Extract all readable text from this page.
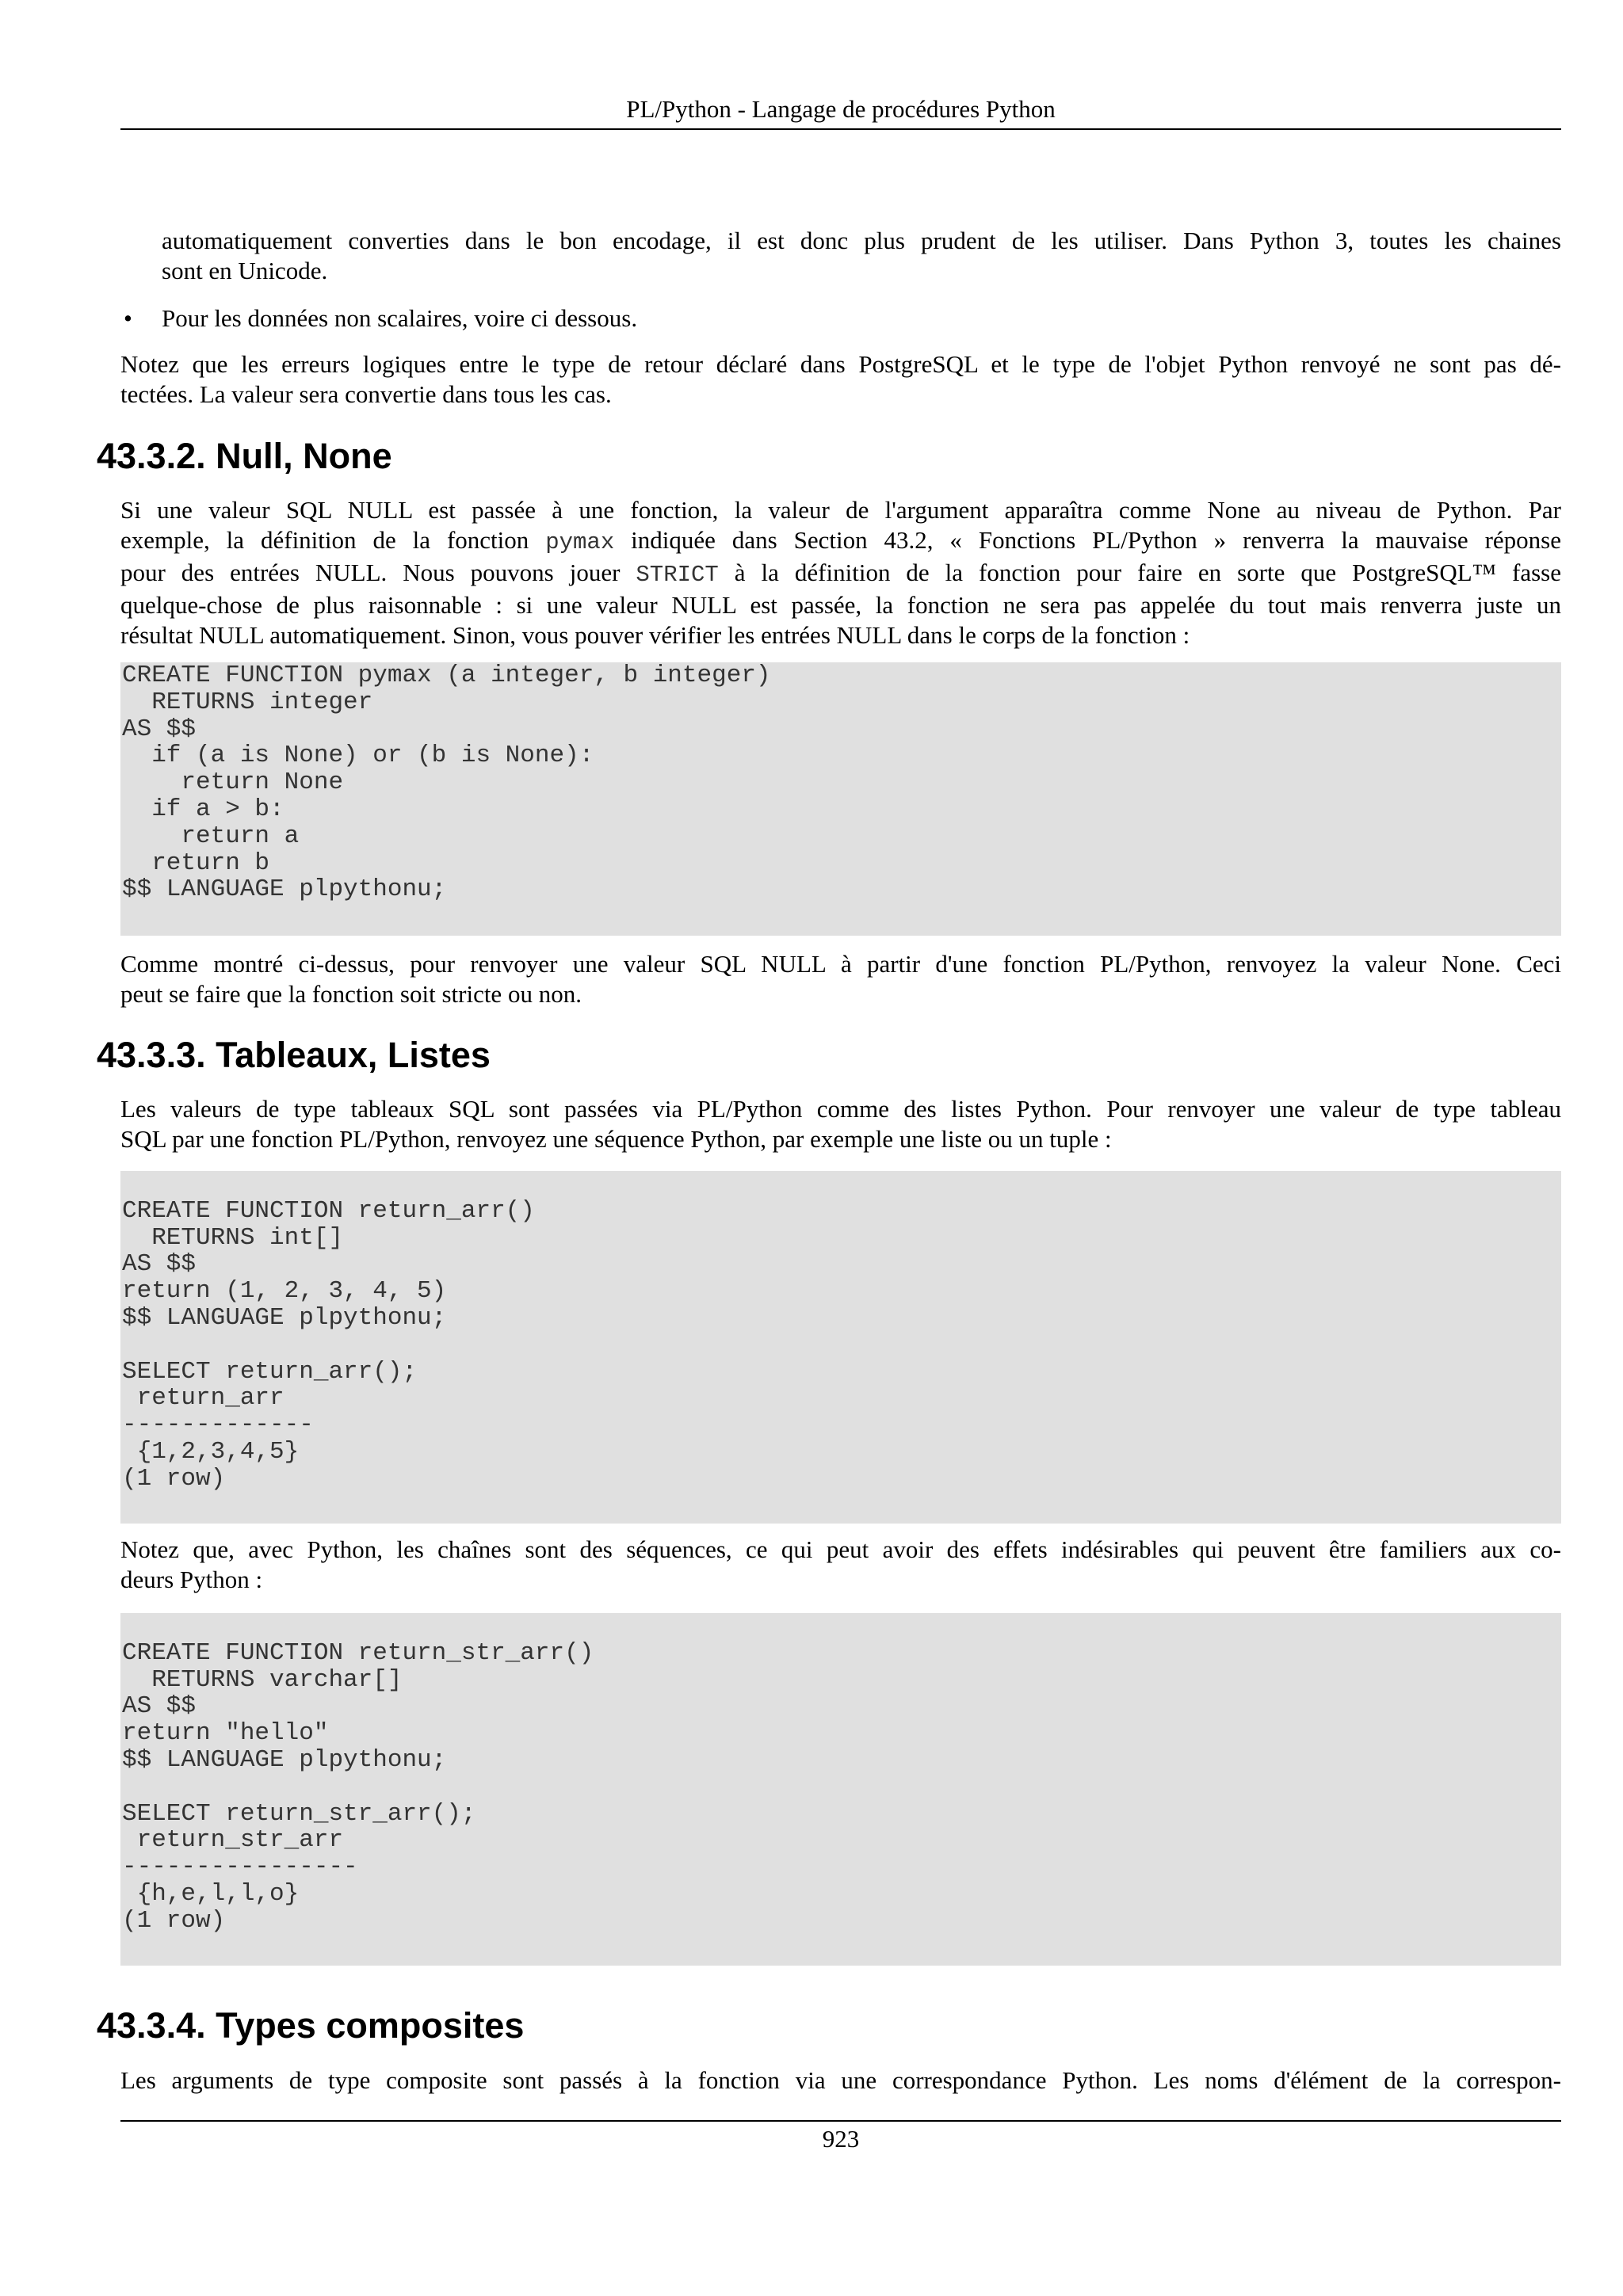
PL/Python - Langage de procédures Python
automatiquement converties dans le bon encodage, il est donc plus prudent de les utiliser. Dans Python 3, toutes les chaines
sont en Unicode.
• Pour les données non scalaires, voire ci dessous.
Notez que les erreurs logiques entre le type de retour déclaré dans PostgreSQL et le type de l'objet Python renvoyé ne sont pas dé-
tectées. La valeur sera convertie dans tous les cas.
43.3.2. Null, None
Si une valeur SQL NULL est passée à une fonction, la valeur de l'argument apparaîtra comme None au niveau de Python. Par
exemple, la définition de la fonction pymax indiquée dans Section 43.2, « Fonctions PL/Python » renverra la mauvaise réponse
pour des entrées NULL. Nous pouvons jouer STRICT à la définition de la fonction pour faire en sorte que PostgreSQL™ fasse
quelque-chose de plus raisonnable : si une valeur NULL est passée, la fonction ne sera pas appelée du tout mais renverra juste un
résultat NULL automatiquement. Sinon, vous pouver vérifier les entrées NULL dans le corps de la fonction :
CREATE FUNCTION pymax (a integer, b integer)
RETURNS integer
AS $$
if (a is None) or (b is None):
return None
if a > b:
return a
return b
$$ LANGUAGE plpythonu;
Comme montré ci-dessus, pour renvoyer une valeur SQL NULL à partir d'une fonction PL/Python, renvoyez la valeur None. Ceci
peut se faire que la fonction soit stricte ou non.
43.3.3. Tableaux, Listes
Les valeurs de type tableaux SQL sont passées via PL/Python comme des listes Python. Pour renvoyer une valeur de type tableau
SQL par une fonction PL/Python, renvoyez une séquence Python, par exemple une liste ou un tuple :

CREATE FUNCTION return_arr()
RETURNS int[]
AS $$
return (1, 2, 3, 4, 5)
$$ LANGUAGE plpythonu;

SELECT return_arr();
return_arr
-------------
{1,2,3,4,5}
(1 row)
Notez que, avec Python, les chaînes sont des séquences, ce qui peut avoir des effets indésirables qui peuvent être familiers aux co-
deurs Python :

CREATE FUNCTION return_str_arr()
RETURNS varchar[]
AS $$
return "hello"
$$ LANGUAGE plpythonu;

SELECT return_str_arr();
return_str_arr
----------------
{h,e,l,l,o}
(1 row)
43.3.4. Types composites
Les arguments de type composite sont passés à la fonction via une correspondance Python. Les noms d'élément de la correspon-
923
